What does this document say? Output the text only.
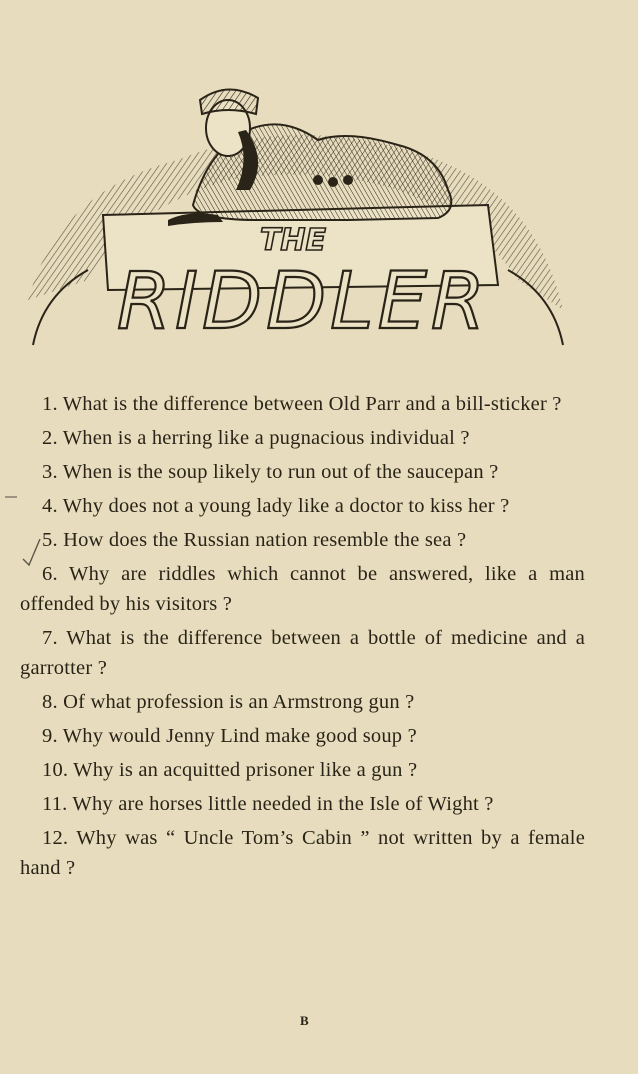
THE
RIDDLER

1. What is the difference between Old Parr and a bill-sticker ?

2. When is a herring like a pugnacious individual ?

3. When is the soup likely to run out of the saucepan ?

4. Why does not a young lady like a doctor to kiss her ?

5. How does the Russian nation resemble the sea ?

6. Why are riddles which cannot be answered, like a man offended by his visitors ?

7. What is the difference between a bottle of medicine and a garrotter ?

8. Of what profession is an Armstrong gun ?

9. Why would Jenny Lind make good soup ?

10. Why is an acquitted prisoner like a gun ?

11. Why are horses little needed in the Isle of Wight ?

12. Why was “ Uncle Tom’s Cabin ” not written by a female hand ?

B
